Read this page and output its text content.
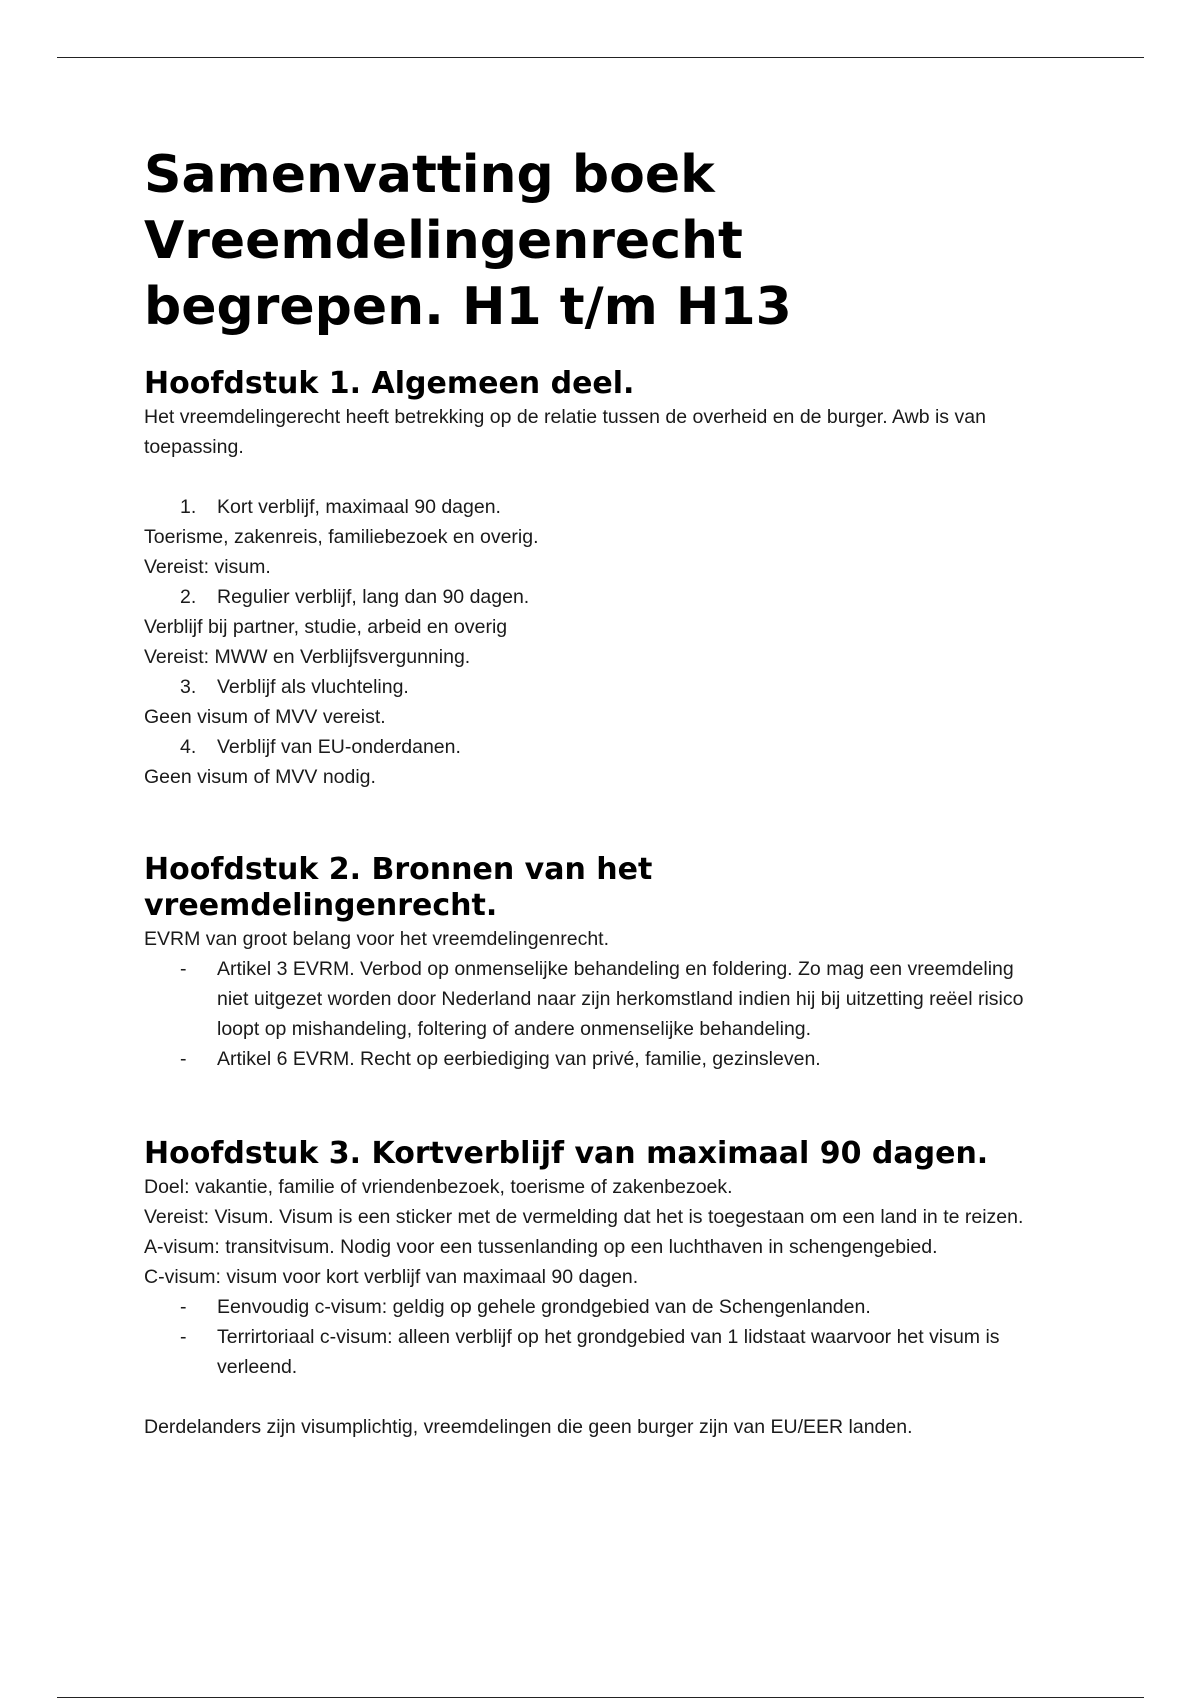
Samenvatting boek Vreemdelingenrecht begrepen. H1 t/m H13
Hoofdstuk 1. Algemeen deel.

Het vreemdelingerecht heeft betrekking op de relatie tussen de overheid en de burger. Awb is van toepassing.

1.	Kort verblijf, maximaal 90 dagen.

Toerisme, zakenreis, familiebezoek en overig.

Vereist: visum.

2.	Regulier verblijf, lang dan 90 dagen.

Verblijf bij partner, studie, arbeid en overig

Vereist: MWW en Verblijfsvergunning.

3.	Verblijf als vluchteling.

Geen visum of MVV vereist.

4.	Verblijf van EU-onderdanen.

Geen visum of MVV nodig.

Hoofdstuk 2. Bronnen van het vreemdelingenrecht.

EVRM van groot belang voor het vreemdelingenrecht.

- Artikel 3 EVRM. Verbod op onmenselijke behandeling en foldering. Zo mag een vreemdeling niet uitgezet worden door Nederland naar zijn herkomstland indien hij bij uitzetting reëel risico loopt op mishandeling, foltering of andere onmenselijke behandeling.
- Artikel 6 EVRM. Recht op eerbiediging van privé, familie, gezinsleven.
Hoofdstuk 3. Kortverblijf van maximaal 90 dagen.

Doel: vakantie, familie of vriendenbezoek, toerisme of zakenbezoek.

Vereist: Visum. Visum is een sticker met de vermelding dat het is toegestaan om een land in te reizen.

A-visum: transitvisum. Nodig voor een tussenlanding op een luchthaven in schengengebied.

C-visum: visum voor kort verblijf van maximaal 90 dagen.

- Eenvoudig c-visum: geldig op gehele grondgebied van de Schengenlanden.
- Terrirtoriaal c-visum: alleen verblijf op het grondgebied van 1 lidstaat waarvoor het visum is verleend.

Derdelanders zijn visumplichtig, vreemdelingen die geen burger zijn van EU/EER landen.
